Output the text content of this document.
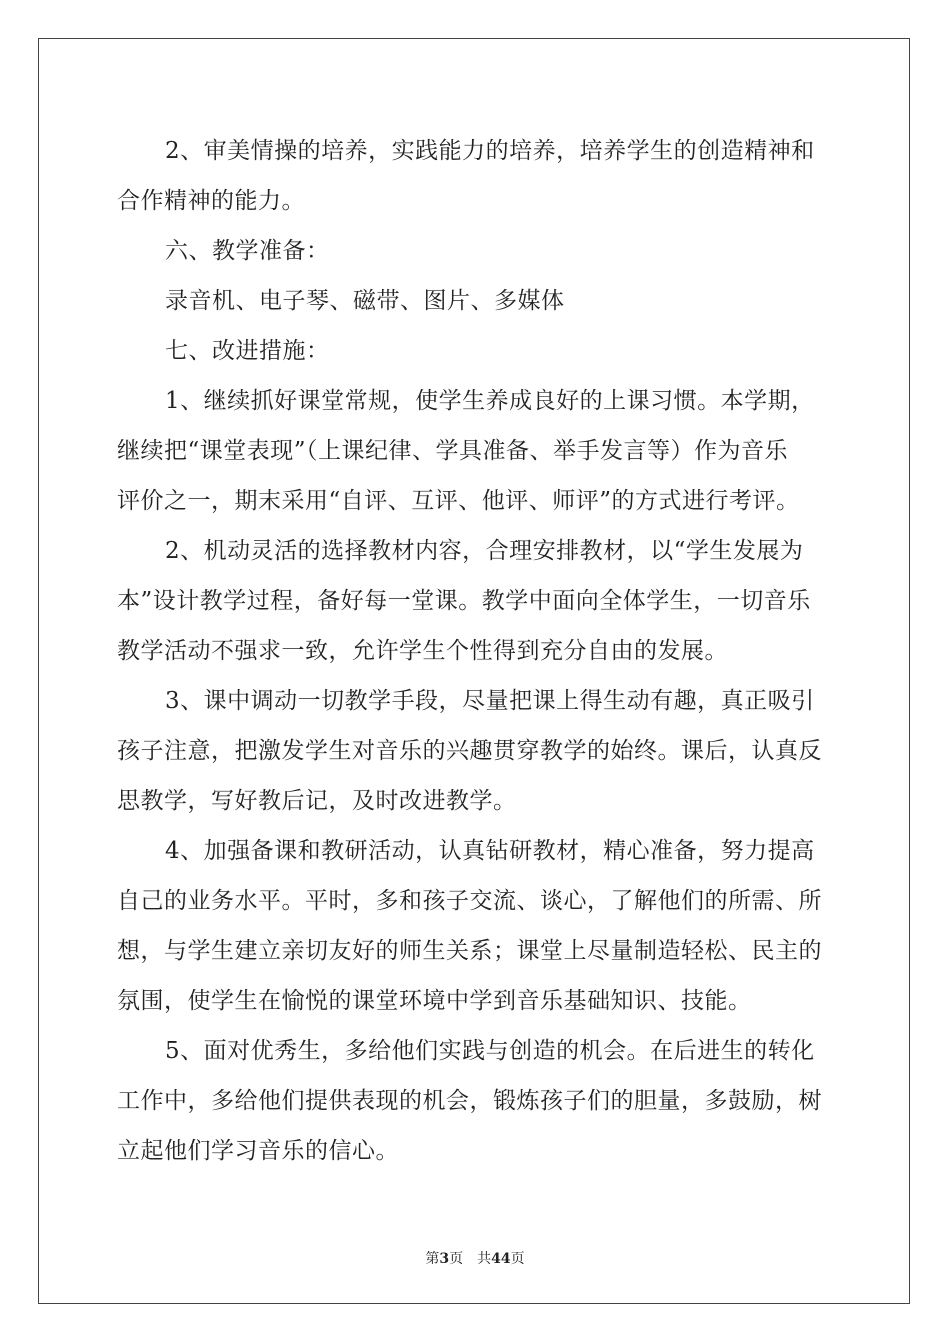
2、审美情操的培养，实践能力的培养，培养学生的创造精神和
合作精神的能力。
六、教学准备：
录音机、电子琴、磁带、图片、多媒体
七、改进措施：
1、继续抓好课堂常规，使学生养成良好的上课习惯。本学期，
继续把“课堂表现”（上课纪律、学具准备、举手发言等）作为音乐
评价之一，期末采用“自评、互评、他评、师评”的方式进行考评。
2、机动灵活的选择教材内容，合理安排教材，以“学生发展为
本”设计教学过程，备好每一堂课。教学中面向全体学生，一切音乐
教学活动不强求一致，允许学生个性得到充分自由的发展。
3、课中调动一切教学手段，尽量把课上得生动有趣，真正吸引
孩子注意，把激发学生对音乐的兴趣贯穿教学的始终。课后，认真反
思教学，写好教后记，及时改进教学。
4、加强备课和教研活动，认真钻研教材，精心准备，努力提高
自己的业务水平。平时，多和孩子交流、谈心，了解他们的所需、所
想，与学生建立亲切友好的师生关系；课堂上尽量制造轻松、民主的
氛围，使学生在愉悦的课堂环境中学到音乐基础知识、技能。
5、面对优秀生，多给他们实践与创造的机会。在后进生的转化
工作中，多给他们提供表现的机会，锻炼孩子们的胆量，多鼓励，树
立起他们学习音乐的信心。
第3页 共44页
